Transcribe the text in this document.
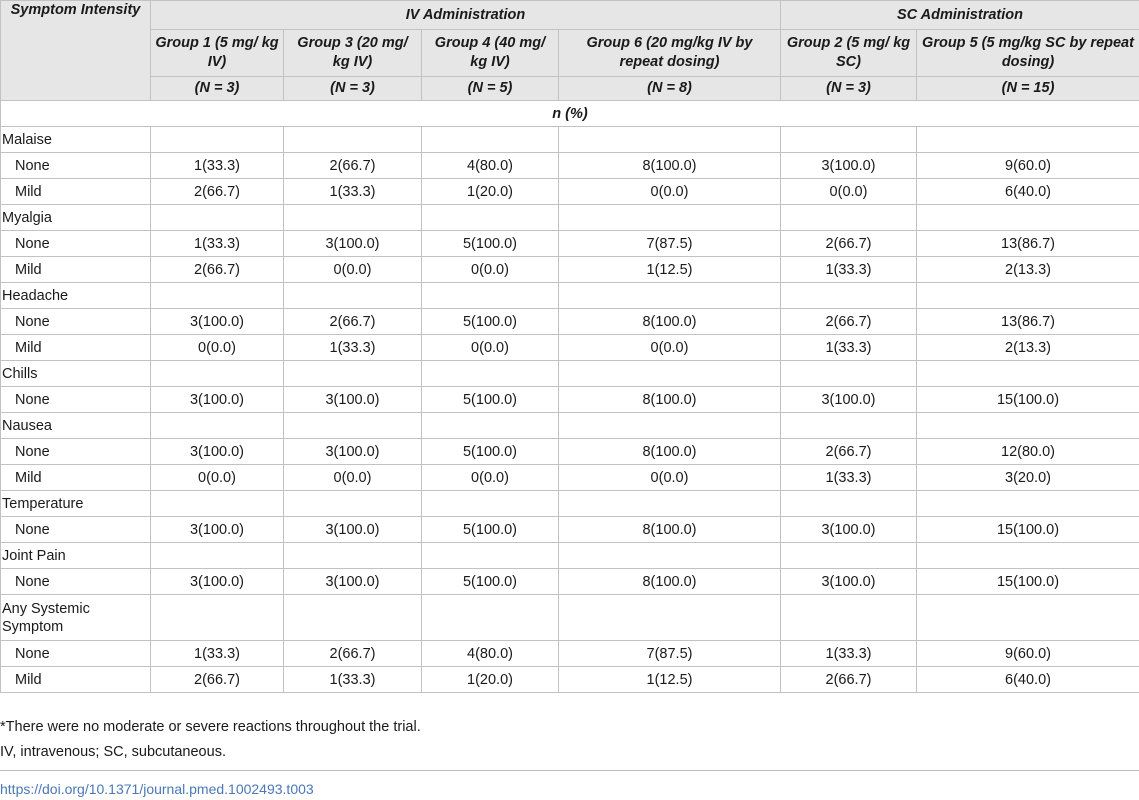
Symptom Intensity	IV Administration				SC Administration	
	Group 1 (5 mg/ kg IV)	Group 3 (20 mg/ kg IV)	Group 4 (40 mg/ kg IV)	Group 6 (20 mg/kg IV by repeat dosing)	Group 2 (5 mg/ kg SC)	Group 5 (5 mg/kg SC by repeat dosing)
	(N = 3)	(N = 3)	(N = 5)	(N = 8)	(N = 3)	(N = 15)
n (%)						
Malaise						
None	1(33.3)	2(66.7)	4(80.0)	8(100.0)	3(100.0)	9(60.0)
Mild	2(66.7)	1(33.3)	1(20.0)	0(0.0)	0(0.0)	6(40.0)
Myalgia						
None	1(33.3)	3(100.0)	5(100.0)	7(87.5)	2(66.7)	13(86.7)
Mild	2(66.7)	0(0.0)	0(0.0)	1(12.5)	1(33.3)	2(13.3)
Headache						
None	3(100.0)	2(66.7)	5(100.0)	8(100.0)	2(66.7)	13(86.7)
Mild	0(0.0)	1(33.3)	0(0.0)	0(0.0)	1(33.3)	2(13.3)
Chills						
None	3(100.0)	3(100.0)	5(100.0)	8(100.0)	3(100.0)	15(100.0)
Nausea						
None	3(100.0)	3(100.0)	5(100.0)	8(100.0)	2(66.7)	12(80.0)
Mild	0(0.0)	0(0.0)	0(0.0)	0(0.0)	1(33.3)	3(20.0)
Temperature						
None	3(100.0)	3(100.0)	5(100.0)	8(100.0)	3(100.0)	15(100.0)
Joint Pain						
None	3(100.0)	3(100.0)	5(100.0)	8(100.0)	3(100.0)	15(100.0)
Any Systemic Symptom						
None	1(33.3)	2(66.7)	4(80.0)	7(87.5)	1(33.3)	9(60.0)
Mild	2(66.7)	1(33.3)	1(20.0)	1(12.5)	2(66.7)	6(40.0)
*There were no moderate or severe reactions throughout the trial.
IV, intravenous; SC, subcutaneous.
https://doi.org/10.1371/journal.pmed.1002493.t003
